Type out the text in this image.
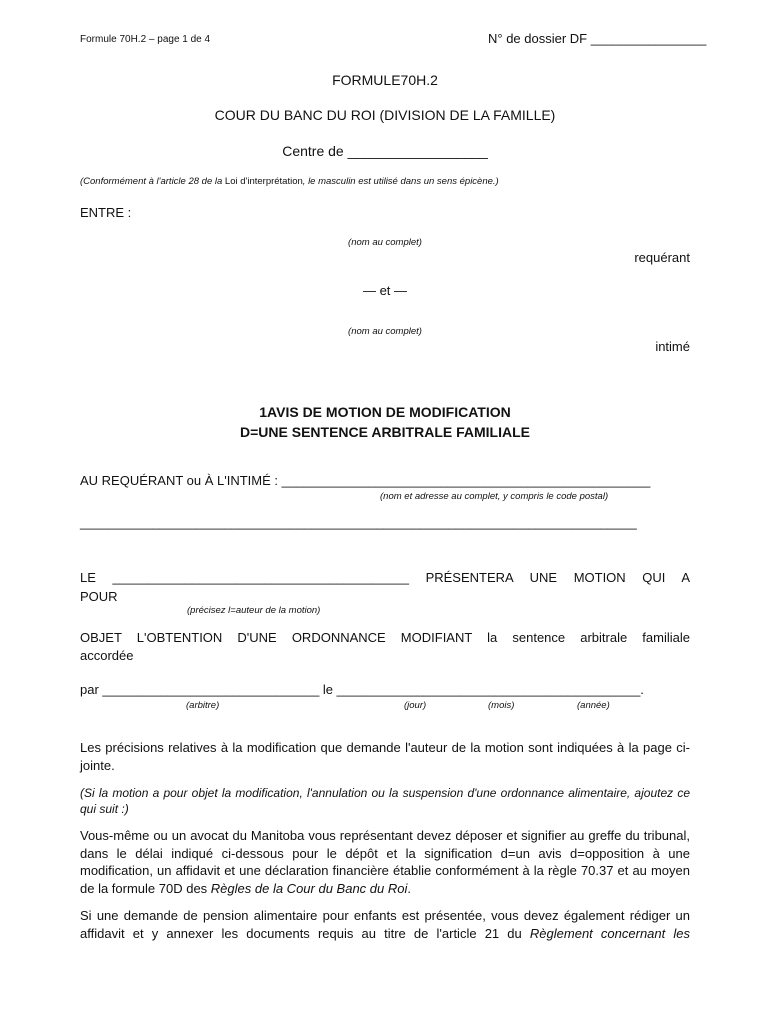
Formule 70H.2 – page 1 de 4	N° de dossier DF ________________
FORMULE70H.2
COUR DU BANC DU ROI (DIVISION DE LA FAMILLE)
Centre de __________________
(Conformément à l'article 28 de la Loi d'interprétation, le masculin est utilisé dans un sens épicène.)
ENTRE :
(nom au complet)
requérant
— et —
(nom au complet)
intimé
1AVIS DE MOTION DE MODIFICATION
D=UNE SENTENCE ARBITRALE FAMILIALE
AU REQUÉRANT ou À L'INTIMÉ : ___________________________________________________
(nom et adresse au complet, y compris le code postal)
_____________________________________________________________________________
LE _________________________________________ PRÉSENTERA UNE MOTION QUI A
POUR
(précisez l=auteur de la motion)
OBJET L'OBTENTION D'UNE ORDONNANCE MODIFIANT la sentence arbitrale familiale
accordée
par ______________________________ le __________________________________________.
(arbitre)	(jour)	(mois)	(année)
Les précisions relatives à la modification que demande l'auteur de la motion sont indiquées à la page ci-jointe.
(Si la motion a pour objet la modification, l'annulation ou la suspension d'une ordonnance alimentaire, ajoutez ce qui suit :)
Vous-même ou un avocat du Manitoba vous représentant devez déposer et signifier au greffe du tribunal, dans le délai indiqué ci-dessous pour le dépôt et la signification d=un avis d=opposition à une modification, un affidavit et une déclaration financière établie conformément à la règle 70.37 et au moyen de la formule 70D des Règles de la Cour du Banc du Roi.
Si une demande de pension alimentaire pour enfants est présentée, vous devez également rédiger un affidavit et y annexer les documents requis au titre de l'article 21 du Règlement concernant les
